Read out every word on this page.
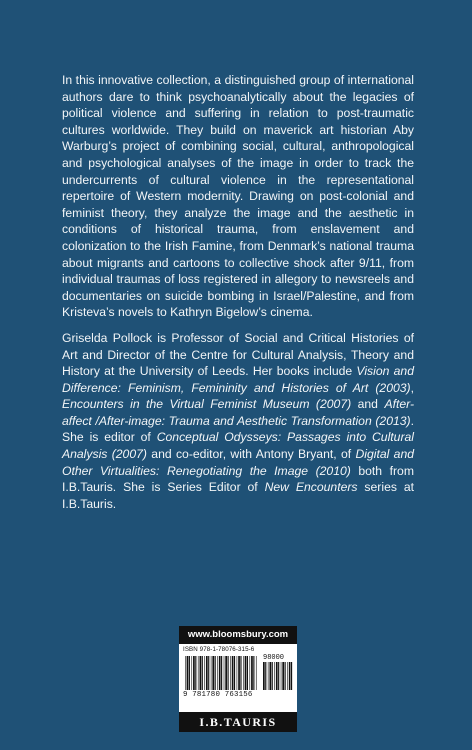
In this innovative collection, a distinguished group of international authors dare to think psychoanalytically about the legacies of political violence and suffering in relation to post-traumatic cultures worldwide. They build on maverick art historian Aby Warburg’s project of combining social, cultural, anthropological and psychological analyses of the image in order to track the undercurrents of cultural violence in the representational repertoire of Western modernity. Drawing on post-colonial and feminist theory, they analyze the image and the aesthetic in conditions of historical trauma, from enslavement and colonization to the Irish Famine, from Denmark’s national trauma about migrants and cartoons to collective shock after 9/11, from individual traumas of loss registered in allegory to newsreels and documentaries on suicide bombing in Israel/Palestine, and from Kristeva’s novels to Kathryn Bigelow’s cinema.

Griselda Pollock is Professor of Social and Critical Histories of Art and Director of the Centre for Cultural Analysis, Theory and History at the University of Leeds. Her books include Vision and Difference: Feminism, Femininity and Histories of Art (2003), Encounters in the Virtual Feminist Museum (2007) and After-affect /After-image: Trauma and Aesthetic Transformation (2013). She is editor of Conceptual Odysseys: Passages into Cultural Analysis (2007) and co-editor, with Antony Bryant, of Digital and Other Virtualities: Renegotiating the Image (2010) both from I.B.Tauris. She is Series Editor of New Encounters series at I.B.Tauris.

www.bloomsbury.com
ISBN 978-1-78076-315-6
98000
9 781780 763156
I.B.TAURIS
